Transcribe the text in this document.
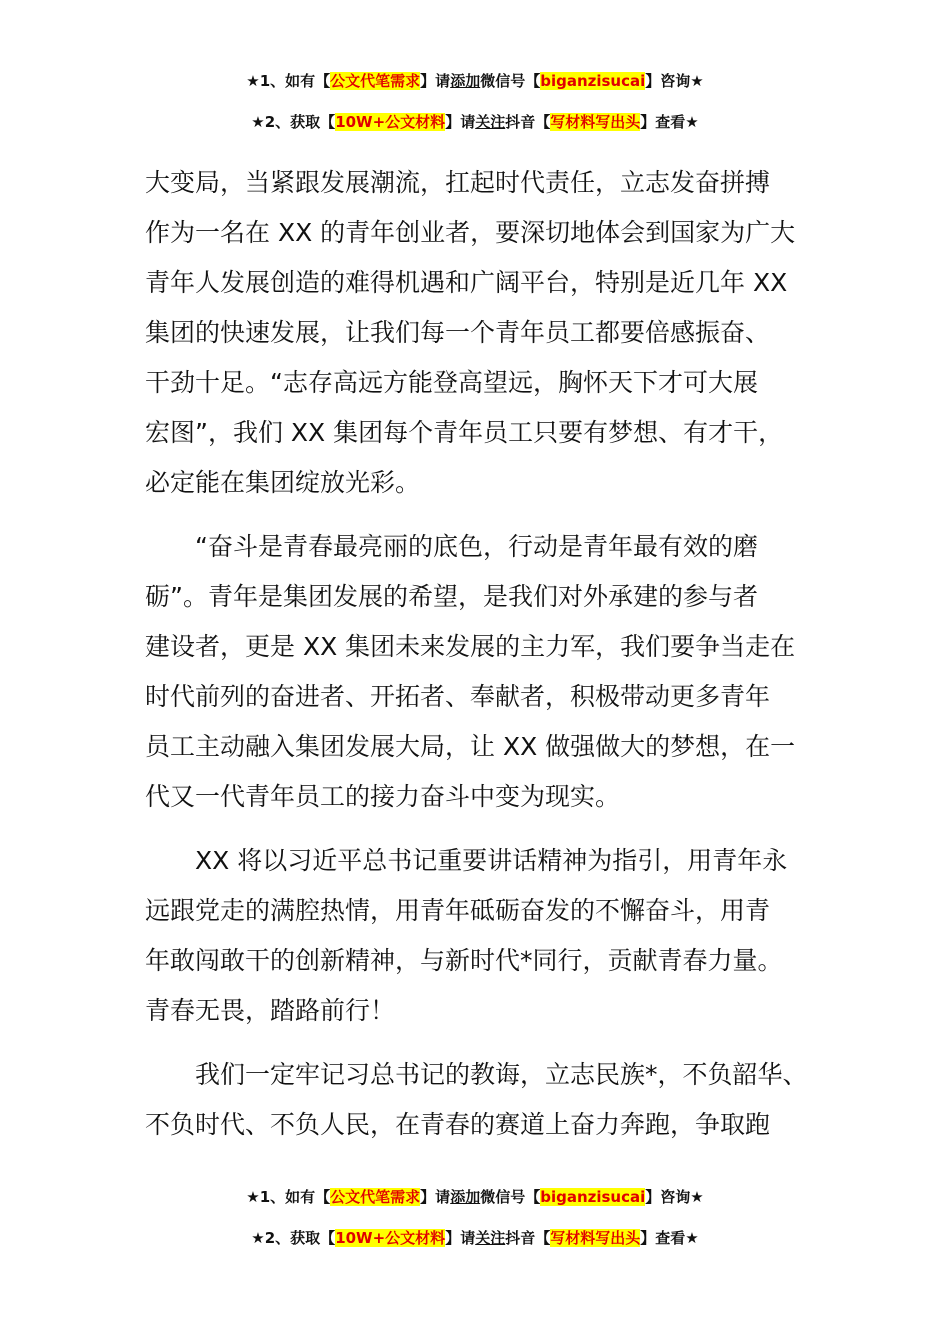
★1、如有【公文代笔需求】请添加微信号【biganzisucai】咨询★
★2、获取【10W+公文材料】请关注抖音【写材料写出头】查看★
大变局，当紧跟发展潮流，扛起时代责任，立志发奋拼搏
作为一名在 XX 的青年创业者，要深切地体会到国家为广大
青年人发展创造的难得机遇和广阔平台，特别是近几年 XX
集团的快速发展，让我们每一个青年员工都要倍感振奋、
干劲十足。“志存高远方能登高望远，胸怀天下才可大展
宏图”，我们 XX 集团每个青年员工只要有梦想、有才干，
必定能在集团绽放光彩。
　　“奋斗是青春最亮丽的底色，行动是青年最有效的磨
砺”。青年是集团发展的希望，是我们对外承建的参与者
建设者，更是 XX 集团未来发展的主力军，我们要争当走在
时代前列的奋进者、开拓者、奉献者，积极带动更多青年
员工主动融入集团发展大局，让 XX 做强做大的梦想，在一
代又一代青年员工的接力奋斗中变为现实。
　　XX 将以习近平总书记重要讲话精神为指引，用青年永
远跟党走的满腔热情，用青年砥砺奋发的不懈奋斗，用青
年敢闯敢干的创新精神，与新时代*同行，贡献青春力量。
青春无畏，踏路前行！
　　我们一定牢记习总书记的教诲，立志民族*，不负韶华、
不负时代、不负人民，在青春的赛道上奋力奔跑，争取跑
★1、如有【公文代笔需求】请添加微信号【biganzisucai】咨询★
★2、获取【10W+公文材料】请关注抖音【写材料写出头】查看★
